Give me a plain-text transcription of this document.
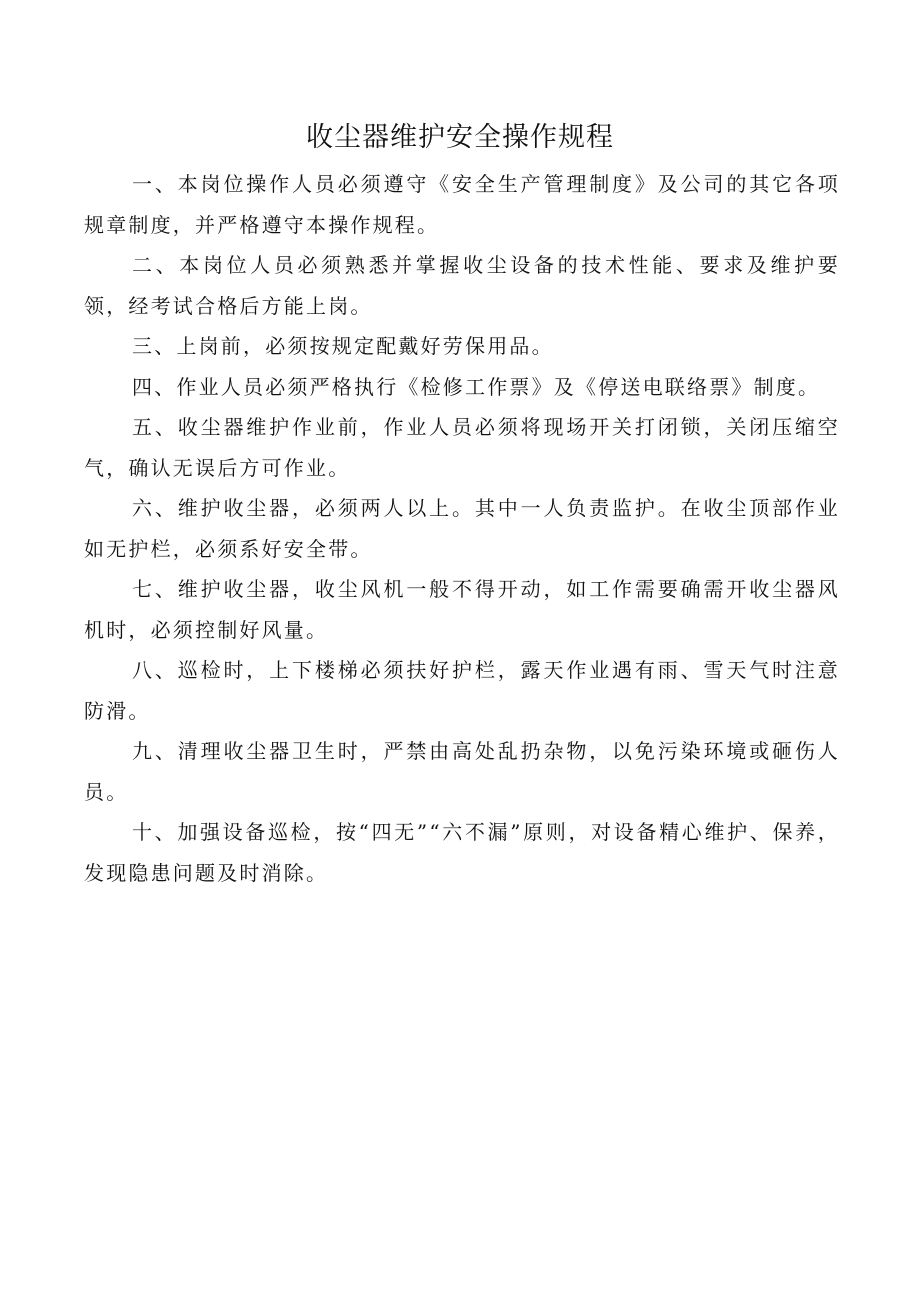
收尘器维护安全操作规程

一、本岗位操作人员必须遵守《安全生产管理制度》及公司的其它各项规章制度，并严格遵守本操作规程。

二、本岗位人员必须熟悉并掌握收尘设备的技术性能、要求及维护要领，经考试合格后方能上岗。

三、上岗前，必须按规定配戴好劳保用品。

四、作业人员必须严格执行《检修工作票》及《停送电联络票》制度。

五、收尘器维护作业前，作业人员必须将现场开关打闭锁，关闭压缩空气，确认无误后方可作业。

六、维护收尘器，必须两人以上。其中一人负责监护。在收尘顶部作业如无护栏，必须系好安全带。

七、维护收尘器，收尘风机一般不得开动，如工作需要确需开收尘器风机时，必须控制好风量。

八、巡检时，上下楼梯必须扶好护栏，露天作业遇有雨、雪天气时注意防滑。

九、清理收尘器卫生时，严禁由高处乱扔杂物，以免污染环境或砸伤人员。

十、加强设备巡检，按“四无”“六不漏”原则，对设备精心维护、保养，发现隐患问题及时消除。
